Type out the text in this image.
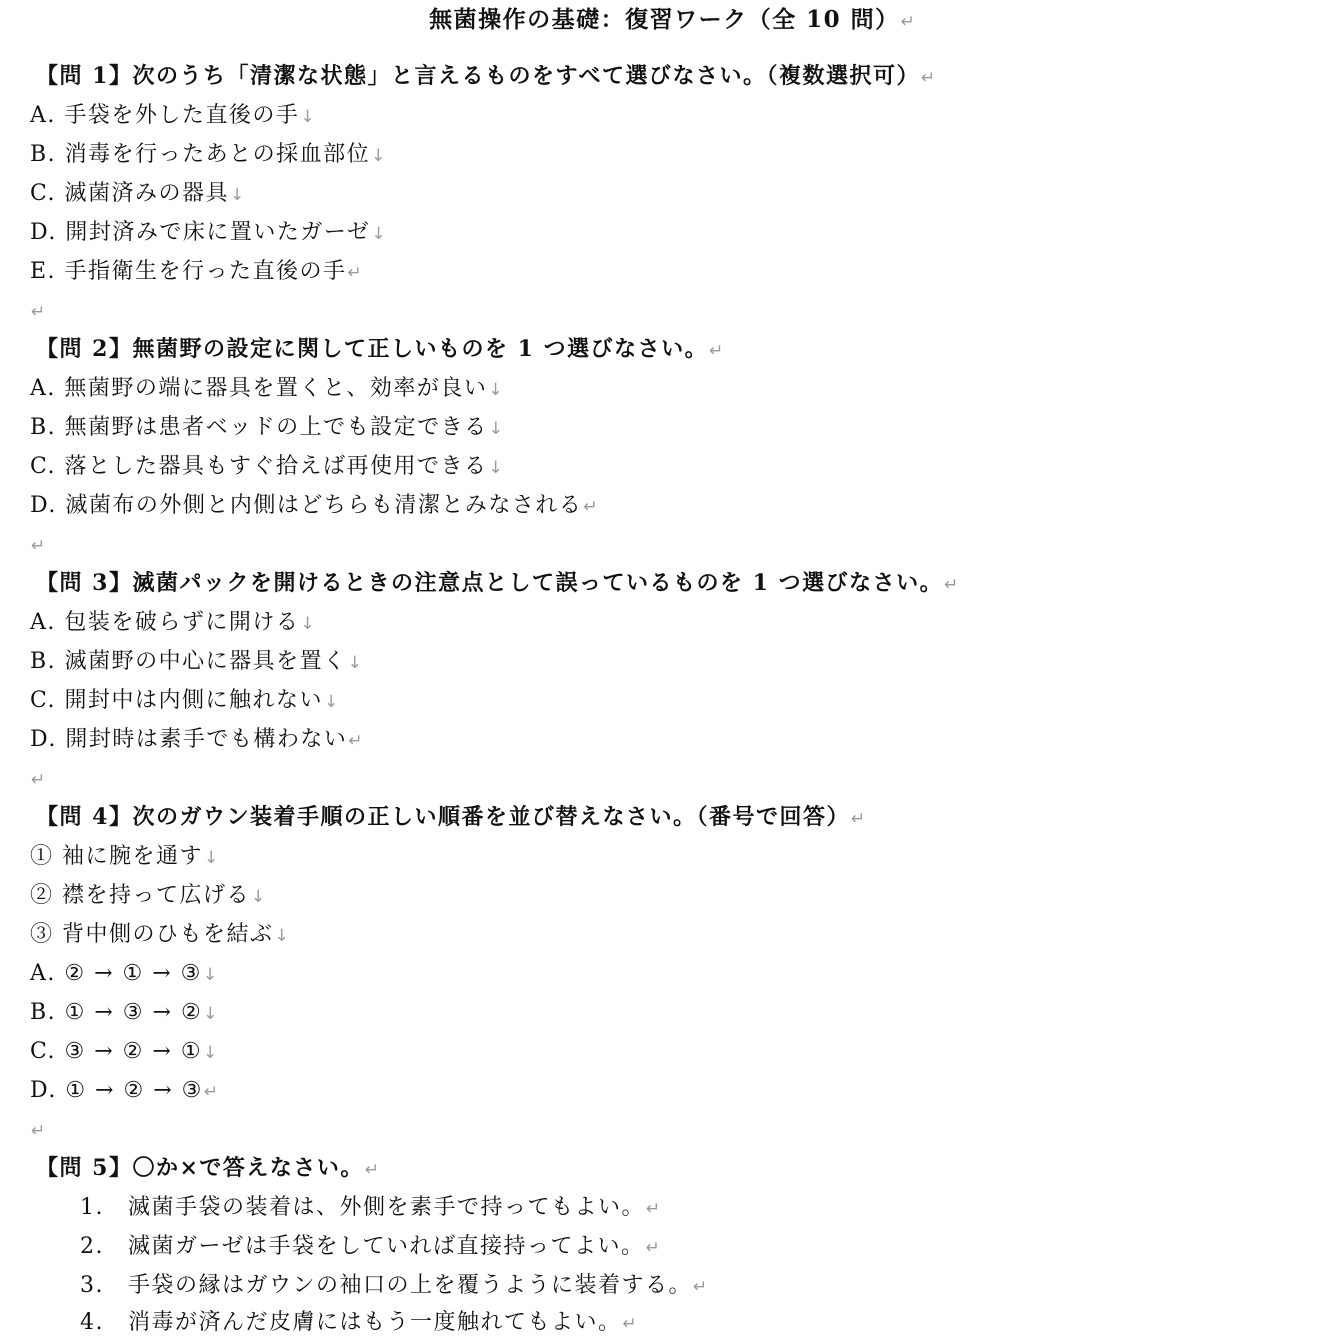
無菌操作の基礎：復習ワーク（全 10 問）↵
【問 1】次のうち「清潔な状態」と言えるものをすべて選びなさい。（複数選択可）↵
A. 手袋を外した直後の手↓
B. 消毒を行ったあとの採血部位↓
C. 滅菌済みの器具↓
D. 開封済みで床に置いたガーゼ↓
E. 手指衛生を行った直後の手↵
↵
【問 2】無菌野の設定に関して正しいものを 1 つ選びなさい。↵
A. 無菌野の端に器具を置くと、効率が良い↓
B. 無菌野は患者ベッドの上でも設定できる↓
C. 落とした器具もすぐ拾えば再使用できる↓
D. 滅菌布の外側と内側はどちらも清潔とみなされる↵
↵
【問 3】滅菌パックを開けるときの注意点として誤っているものを 1 つ選びなさい。↵
A. 包装を破らずに開ける↓
B. 滅菌野の中心に器具を置く↓
C. 開封中は内側に触れない↓
D. 開封時は素手でも構わない↵
↵
【問 4】次のガウン装着手順の正しい順番を並び替えなさい。（番号で回答）↵
① 袖に腕を通す↓
② 襟を持って広げる↓
③ 背中側のひもを結ぶ↓
A. ② → ① → ③↓
B. ① → ③ → ②↓
C. ③ → ② → ①↓
D. ① → ② → ③↵
↵
【問 5】〇か×で答えなさい。↵
1. 滅菌手袋の装着は、外側を素手で持ってもよい。↵
2. 滅菌ガーゼは手袋をしていれば直接持ってよい。↵
3. 手袋の縁はガウンの袖口の上を覆うように装着する。↵
4. 消毒が済んだ皮膚にはもう一度触れてもよい。↵
